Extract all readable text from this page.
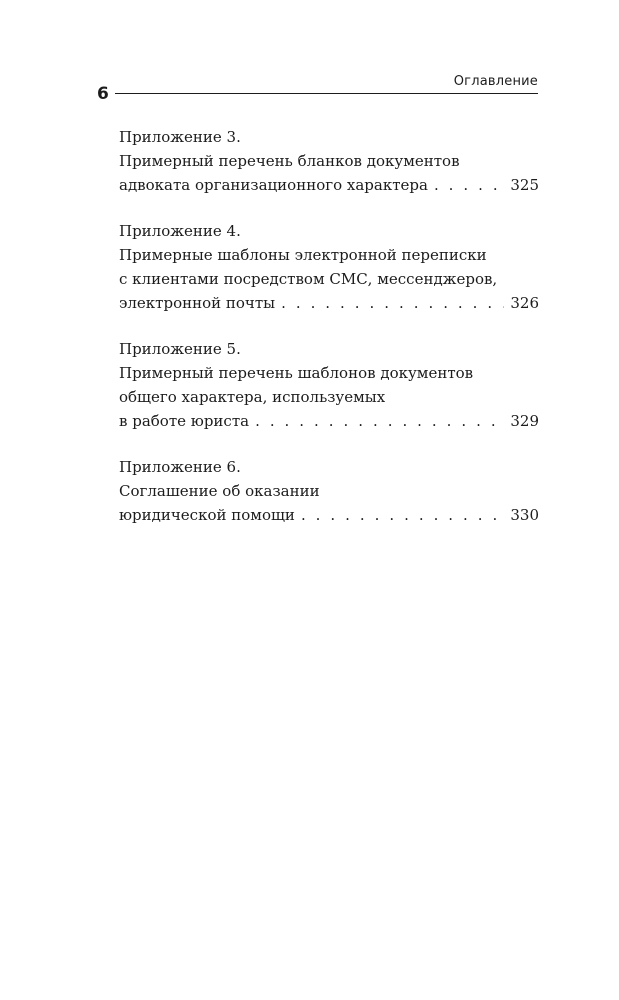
6
Оглавление
Приложение 3.
Примерный перечень бланков документов
адвоката организационного характера . . .	325
Приложение 4.
Примерные шаблоны электронной переписки
с клиентами посредством СМС, мессенджеров,
электронной почты . . .	326
Приложение 5.
Примерный перечень шаблонов документов
общего характера, используемых
в работе юриста . . .	329
Приложение 6.
Соглашение об оказании
юридической помощи . . .	330
